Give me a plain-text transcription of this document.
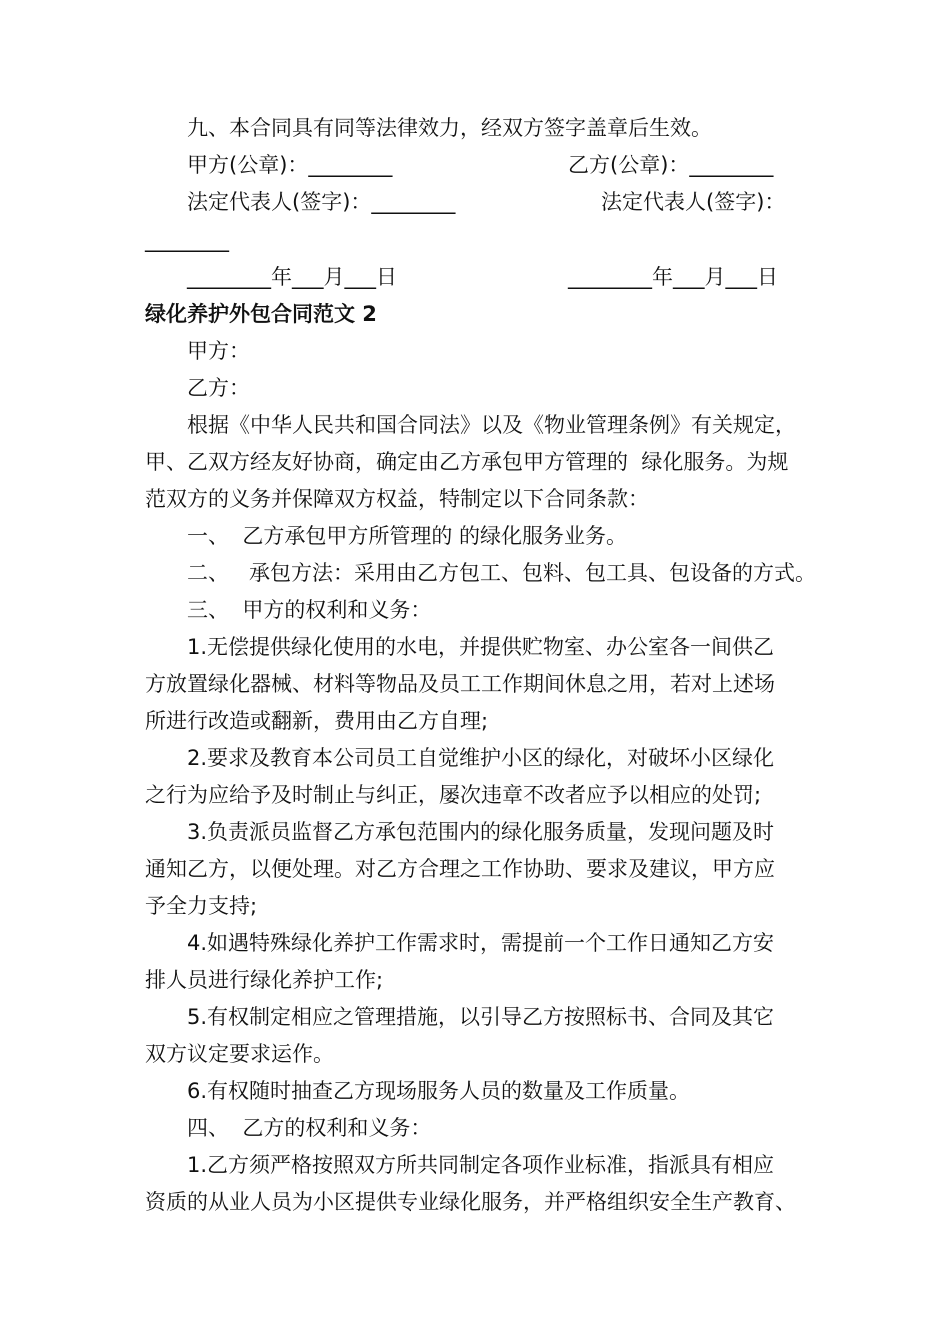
九、本合同具有同等法律效力，经双方签字盖章后生效。
甲方(公章)：________	乙方(公章)：________
法定代表人(签字)：________	法定代表人(签字)：
________
________年___月___日	________年___月___日
绿化养护外包合同范文 2
甲方：
乙方：
根据《中华人民共和国合同法》以及《物业管理条例》有关规定，
甲、乙双方经友好协商，确定由乙方承包甲方管理的  绿化服务。为规
范双方的义务并保障双方权益，特制定以下合同条款：
一、  乙方承包甲方所管理的 的绿化服务业务。
二、   承包方法：采用由乙方包工、包料、包工具、包设备的方式。
三、  甲方的权利和义务：
1.无偿提供绿化使用的水电，并提供贮物室、办公室各一间供乙
方放置绿化器械、材料等物品及员工工作期间休息之用，若对上述场
所进行改造或翻新，费用由乙方自理;
2.要求及教育本公司员工自觉维护小区的绿化，对破坏小区绿化
之行为应给予及时制止与纠正，屡次违章不改者应予以相应的处罚;
3.负责派员监督乙方承包范围内的绿化服务质量，发现问题及时
通知乙方，以便处理。对乙方合理之工作协助、要求及建议，甲方应
予全力支持;
4.如遇特殊绿化养护工作需求时，需提前一个工作日通知乙方安
排人员进行绿化养护工作;
5.有权制定相应之管理措施，以引导乙方按照标书、合同及其它
双方议定要求运作。
6.有权随时抽查乙方现场服务人员的数量及工作质量。
四、  乙方的权利和义务：
1.乙方须严格按照双方所共同制定各项作业标准，指派具有相应
资质的从业人员为小区提供专业绿化服务，并严格组织安全生产教育、
